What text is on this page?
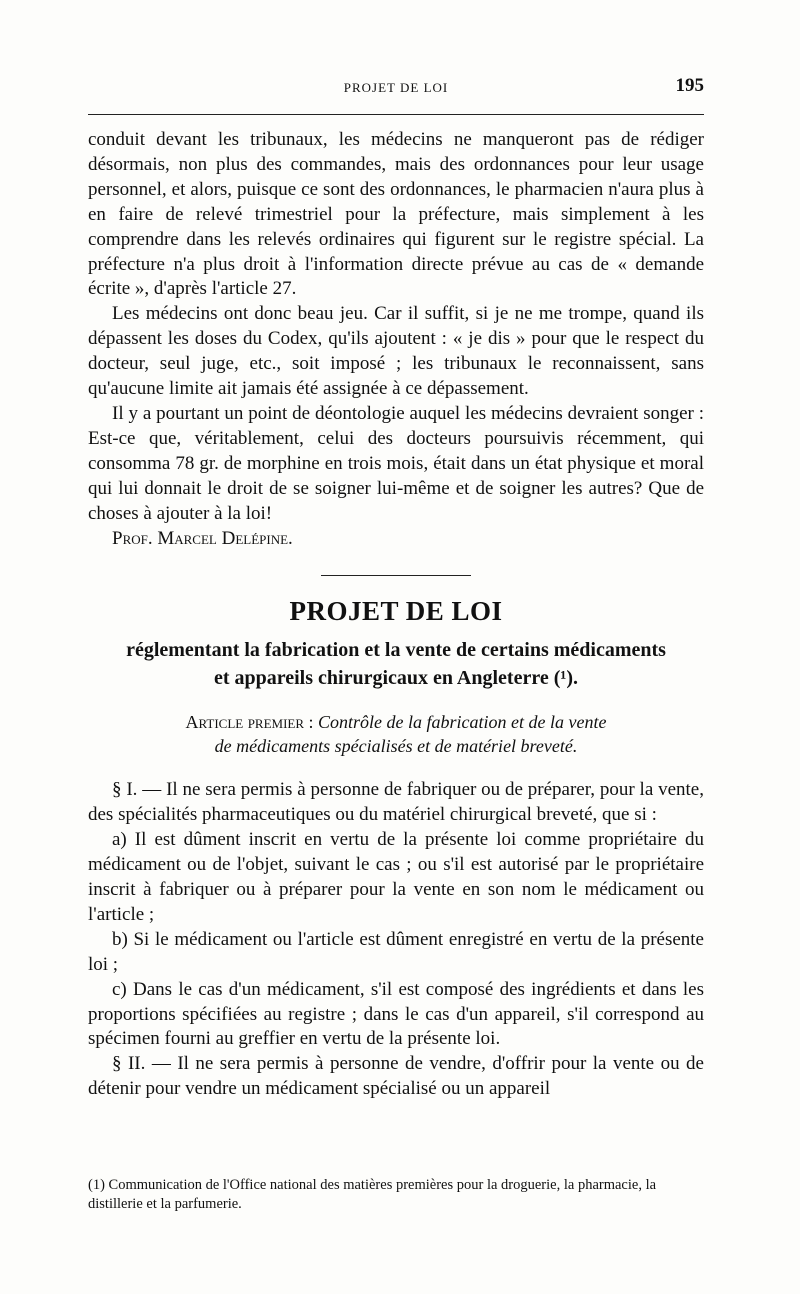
PROJET DE LOI	195

conduit devant les tribunaux, les médecins ne manqueront pas de rédiger désormais, non plus des commandes, mais des ordonnances pour leur usage personnel, et alors, puisque ce sont des ordonnances, le pharmacien n'aura plus à en faire de relevé trimestriel pour la préfecture, mais simplement à les comprendre dans les relevés ordinaires qui figurent sur le registre spécial. La préfecture n'a plus droit à l'information directe prévue au cas de « demande écrite », d'après l'article 27.

Les médecins ont donc beau jeu. Car il suffit, si je ne me trompe, quand ils dépassent les doses du Codex, qu'ils ajoutent : « je dis » pour que le respect du docteur, seul juge, etc., soit imposé ; les tribunaux le reconnaissent, sans qu'aucune limite ait jamais été assignée à ce dépassement.

Il y a pourtant un point de déontologie auquel les médecins devraient songer : Est-ce que, véritablement, celui des docteurs poursuivis récemment, qui consomma 78 gr. de morphine en trois mois, était dans un état physique et moral qui lui donnait le droit de se soigner lui-même et de soigner les autres? Que de choses à ajouter à la loi!

Prof. Marcel Delépine.

PROJET DE LOI
réglementant la fabrication et la vente de certains médicaments
et appareils chirurgicaux en Angleterre (¹).
Article premier : Contrôle de la fabrication et de la vente
de médicaments spécialisés et de matériel breveté.

§ I. — Il ne sera permis à personne de fabriquer ou de préparer, pour la vente, des spécialités pharmaceutiques ou du matériel chirurgical breveté, que si :

a) Il est dûment inscrit en vertu de la présente loi comme propriétaire du médicament ou de l'objet, suivant le cas ; ou s'il est autorisé par le propriétaire inscrit à fabriquer ou à préparer pour la vente en son nom le médicament ou l'article ;

b) Si le médicament ou l'article est dûment enregistré en vertu de la présente loi ;

c) Dans le cas d'un médicament, s'il est composé des ingrédients et dans les proportions spécifiées au registre ; dans le cas d'un appareil, s'il correspond au spécimen fourni au greffier en vertu de la présente loi.

§ II. — Il ne sera permis à personne de vendre, d'offrir pour la vente ou de détenir pour vendre un médicament spécialisé ou un appareil

(1) Communication de l'Office national des matières premières pour la droguerie, la pharmacie, la distillerie et la parfumerie.
